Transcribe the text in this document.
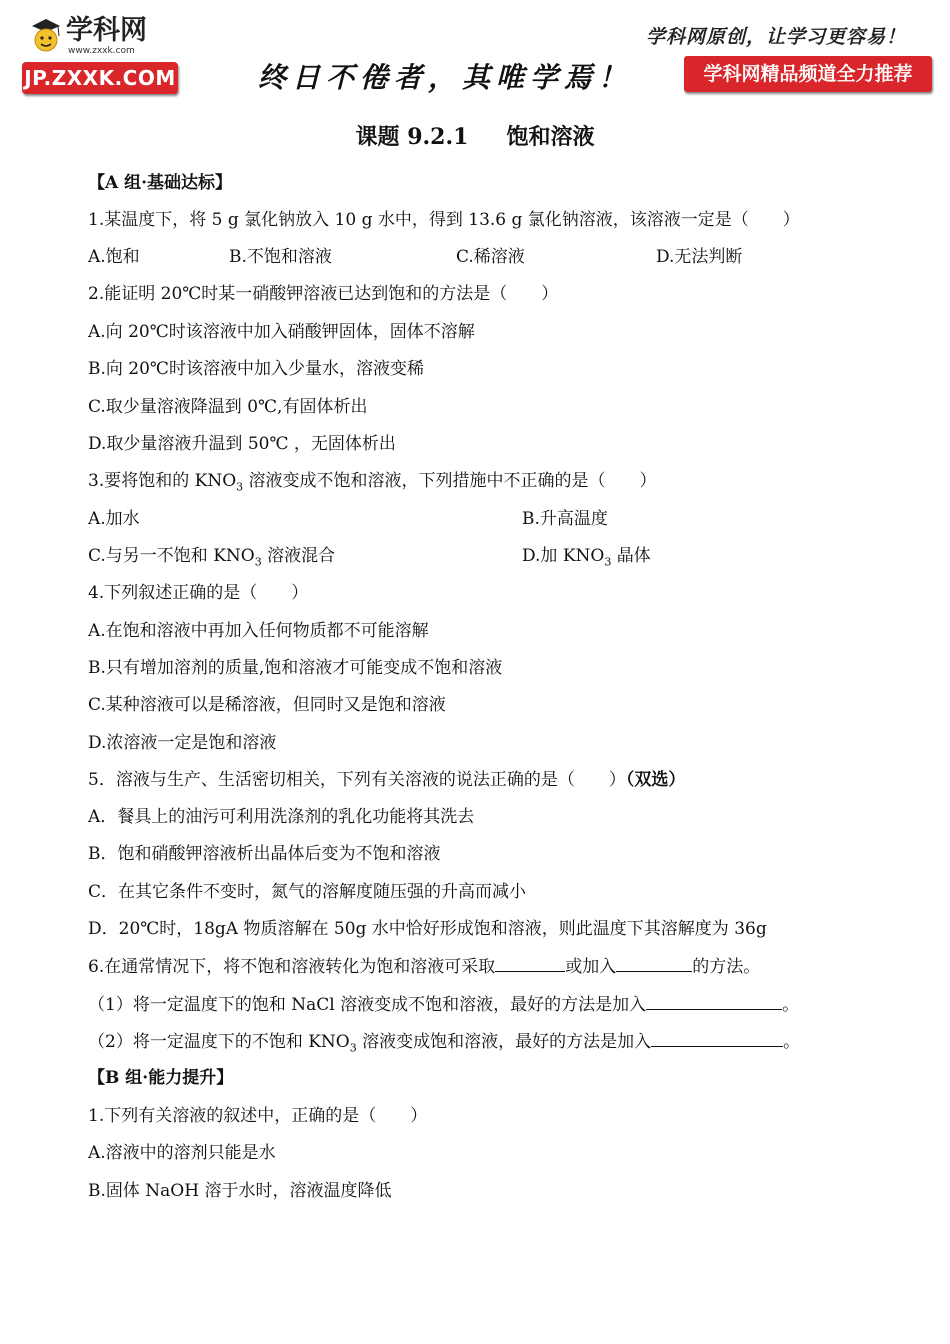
学科网
www.zxxk.com
JP.ZXXK.COM	终日不倦者，其唯学焉！
学科网原创，让学习更容易！
学科网精品频道全力推荐
课题 9.2.1 饱和溶液
【A 组·基础达标】
1.某温度下，将 5 g 氯化钠放入 10 g 水中，得到 13.6 g 氯化钠溶液，该溶液一定是（　　）
A.饱和	B.不饱和溶液	C.稀溶液	D.无法判断
2.能证明 20℃时某一硝酸钾溶液已达到饱和的方法是（　　）
A.向 20℃时该溶液中加入硝酸钾固体，固体不溶解
B.向 20℃时该溶液中加入少量水，溶液变稀
C.取少量溶液降温到 0℃,有固体析出
D.取少量溶液升温到 50℃ ，无固体析出
3.要将饱和的 $KNO_3$ 溶液变成不饱和溶液，下列措施中不正确的是（　　）
A.加水	B.升高温度
C.与另一不饱和 $KNO_3$ 溶液混合	D.加 $KNO_3$ 晶体
4.下列叙述正确的是（　　）
A.在饱和溶液中再加入任何物质都不可能溶解
B.只有增加溶剂的质量,饱和溶液才可能变成不饱和溶液
C.某种溶液可以是稀溶液，但同时又是饱和溶液
D.浓溶液一定是饱和溶液
5．溶液与生产、生活密切相关，下列有关溶液的说法正确的是（　　）（双选）
A．餐具上的油污可利用洗涤剂的乳化功能将其洗去
B．饱和硝酸钾溶液析出晶体后变为不饱和溶液
C．在其它条件不变时，氮气的溶解度随压强的升高而减小
D．20℃时，18gA 物质溶解在 50g 水中恰好形成饱和溶液，则此温度下其溶解度为 36g
6.在通常情况下，将不饱和溶液转化为饱和溶液可采取	或加入	的方法。
（1）将一定温度下的饱和 NaCl 溶液变成不饱和溶液，最好的方法是加入	。
（2）将一定温度下的不饱和 $KNO_3$ 溶液变成饱和溶液，最好的方法是加入	。
【B 组·能力提升】
1.下列有关溶液的叙述中，正确的是（　　）
A.溶液中的溶剂只能是水
B.固体 NaOH 溶于水时，溶液温度降低
